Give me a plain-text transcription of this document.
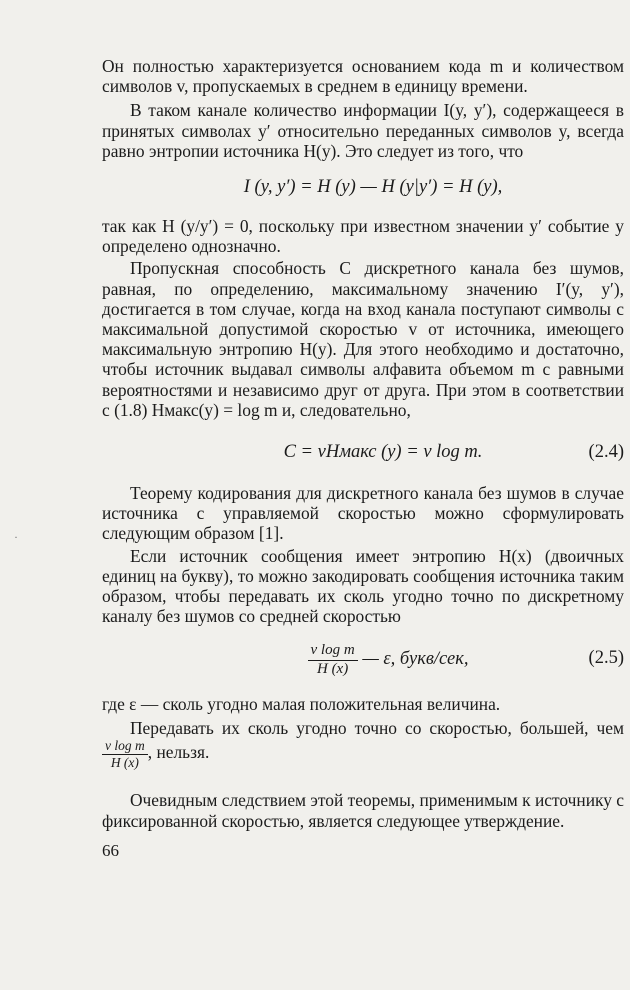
·

Он полностью характеризуется основанием кода m и количеством символов v, пропускаемых в среднем в единицу времени.

В таком канале количество информации I(y, y′), содержащееся в принятых символах y′ относительно переданных символов y, всегда равно энтропии источника H(y). Это следует из того, что

I (y, y′) = H (y) — H (y|y′) = H (y),

так как H (y/y′) = 0, поскольку при известном значении y′ событие y определено однозначно.

Пропускная способность C дискретного канала без шумов, равная, по определению, максимальному значению I′(y, y′), достигается в том случае, когда на вход канала поступают символы с максимальной допустимой скоростью v от источника, имеющего максимальную энтропию H(y). Для этого необходимо и достаточно, чтобы источник выдавал символы алфавита объемом m с равными вероятностями и независимо друг от друга. При этом в соответствии с (1.8) Hмакс(y) = log m и, следовательно,

C = vHмакс (y) = v log m.	(2.4)

Теорему кодирования для дискретного канала без шумов в случае источника с управляемой скоростью можно сформулировать следующим образом [1].

Если источник сообщения имеет энтропию H(x) (двоичных единиц на букву), то можно закодировать сообщения источника таким образом, чтобы передавать их сколь угодно точно по дискретному каналу без шумов со средней скоростью

$\frac{\text{v log m}}{H (x)}$ — ε, букв/сек,	(2.5)

где ε — сколь угодно малая положительная величина.

Передавать их сколь угодно точно со скоростью, большей, чем
$\frac{\text{v log m}}{H (x)}$ , нельзя.

Очевидным следствием этой теоремы, применимым к источнику с фиксированной скоростью, является следующее утверждение.

66
